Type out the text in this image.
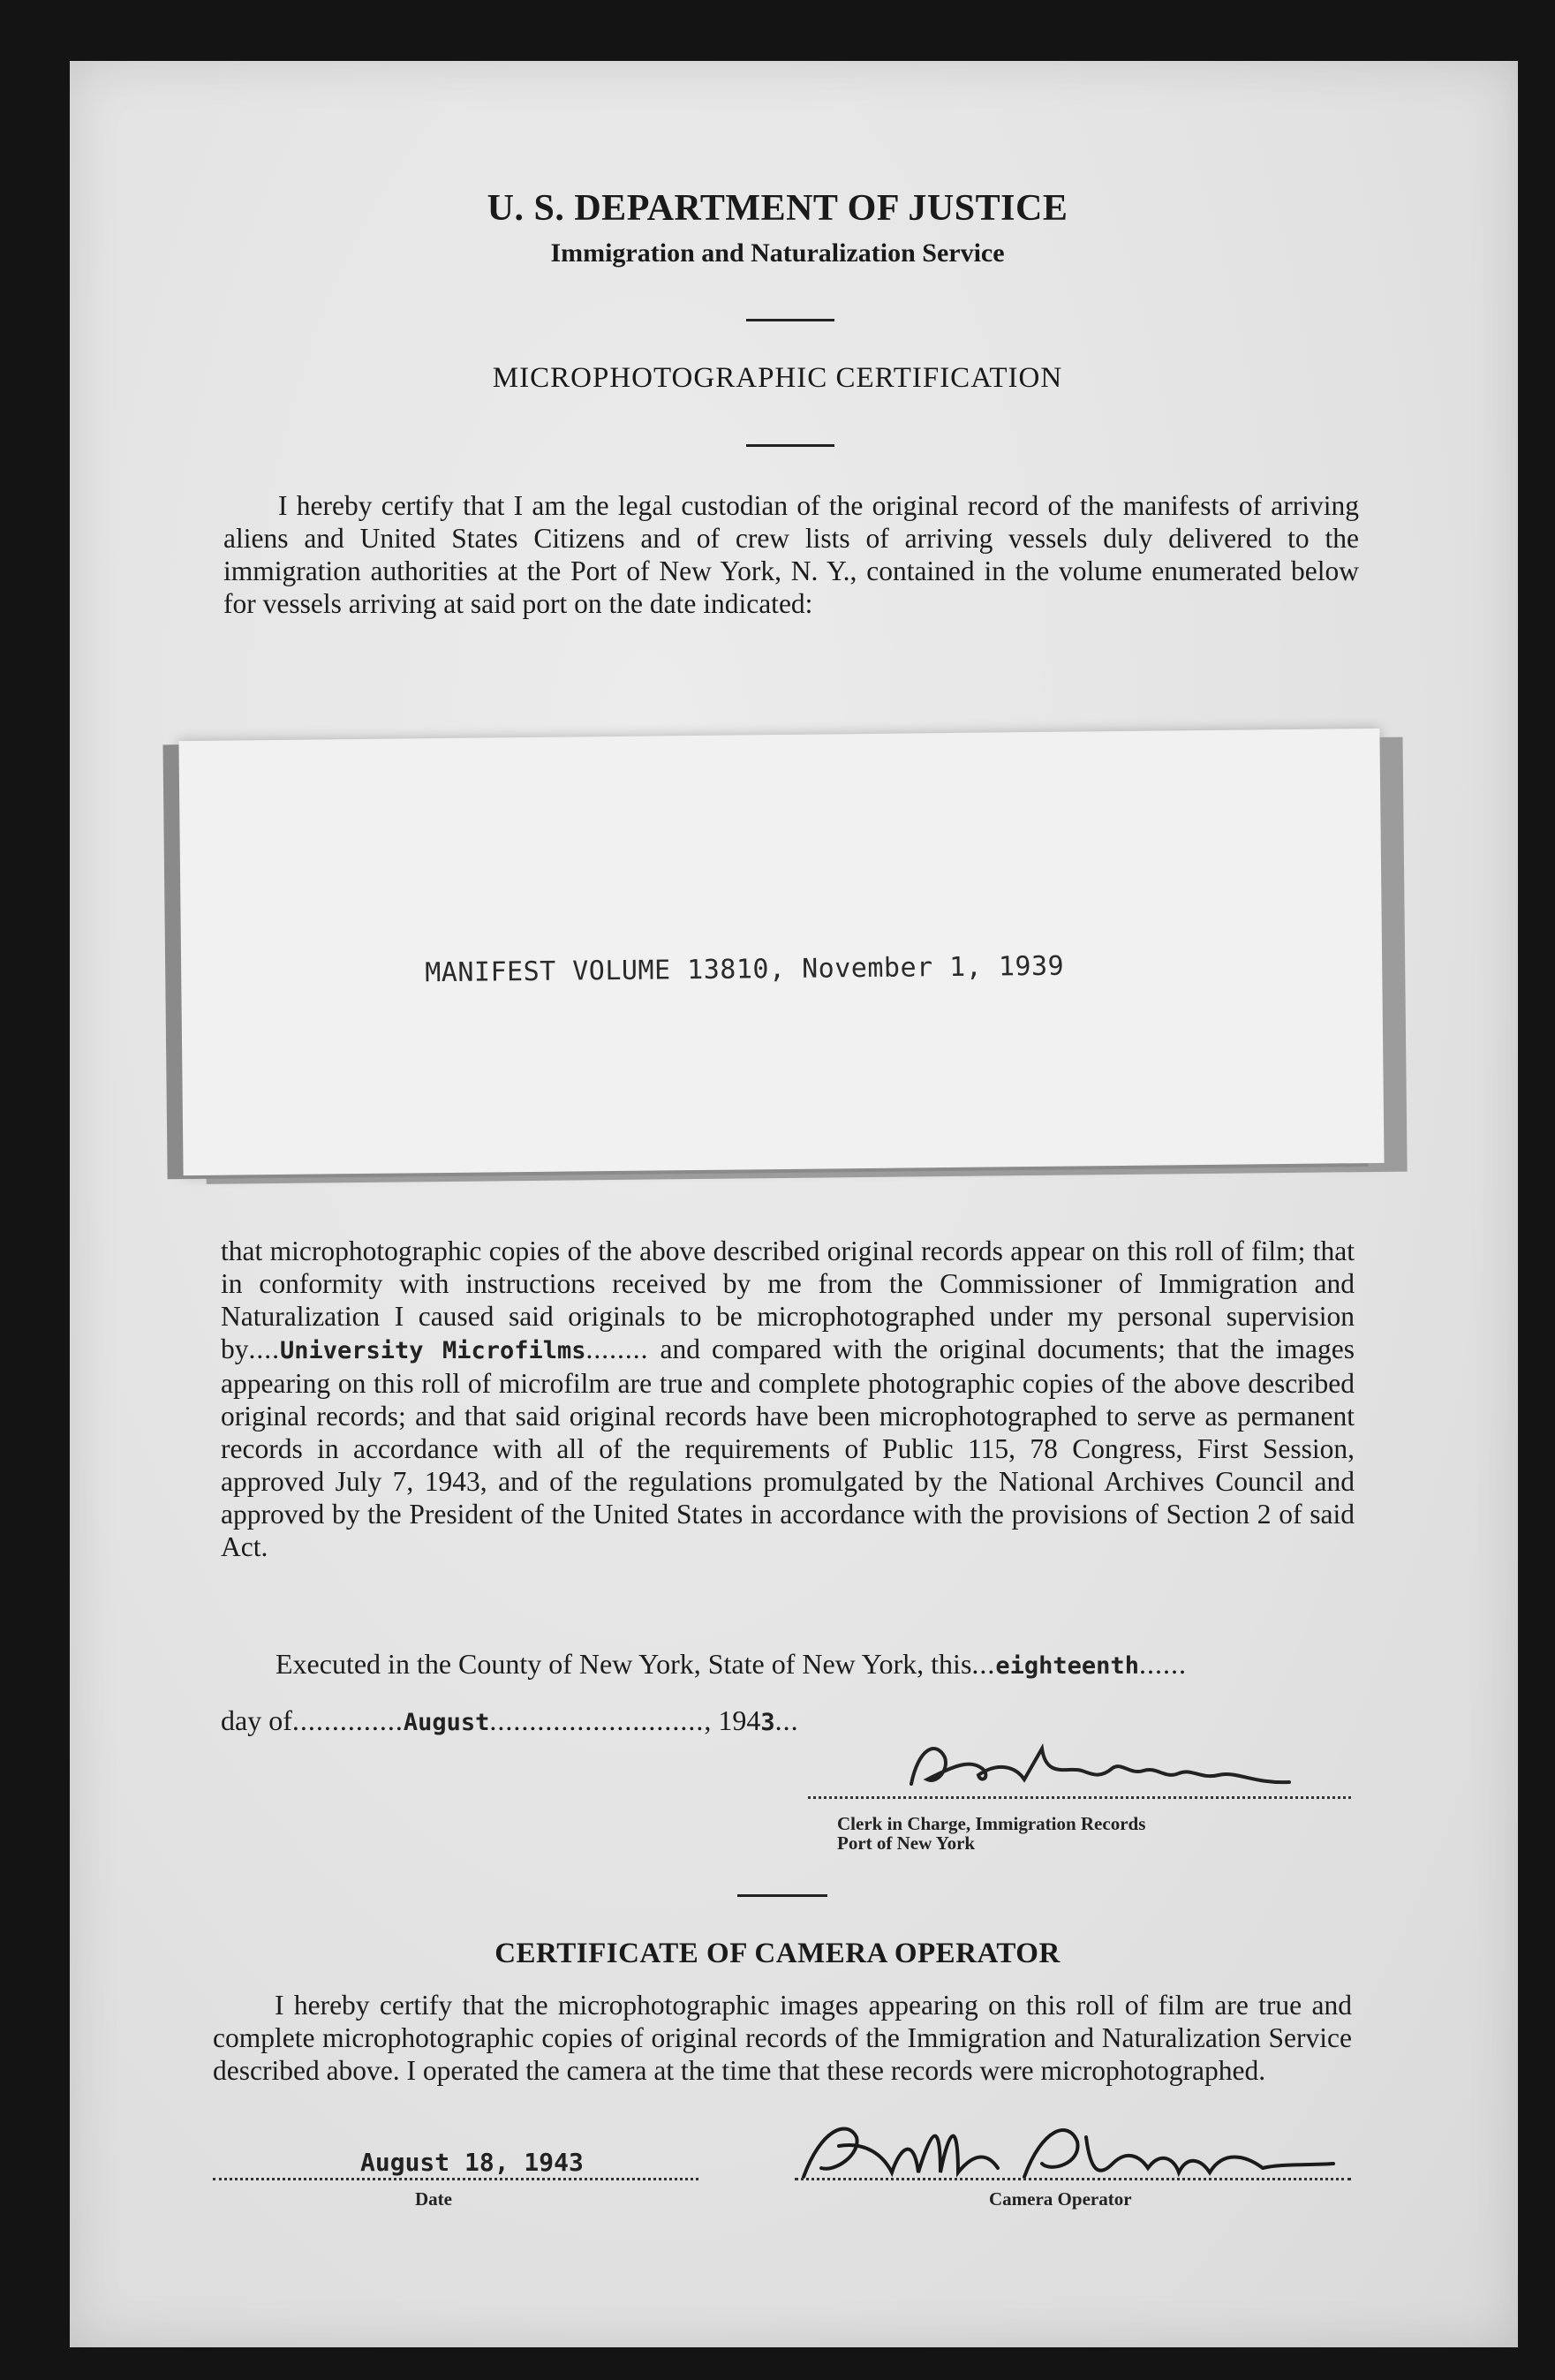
U. S. DEPARTMENT OF JUSTICE
Immigration and Naturalization Service
MICROPHOTOGRAPHIC CERTIFICATION
I hereby certify that I am the legal custodian of the original record of the manifests of arriving aliens and United States Citizens and of crew lists of arriving vessels duly delivered to the immigration authorities at the Port of New York, N. Y., contained in the volume enumerated below for vessels arriving at said port on the date indicated:
MANIFEST VOLUME 13810, November 1, 1939
that microphotographic copies of the above described original records appear on this roll of film; that in conformity with instructions received by me from the Commissioner of Immigration and Naturalization I caused said originals to be microphotographed under my personal supervision by....University Microfilms........ and compared with the original documents; that the images appearing on this roll of microfilm are true and complete photographic copies of the above described original records; and that said original records have been microphotographed to serve as permanent records in accordance with all of the requirements of Public 115, 78 Congress, First Session, approved July 7, 1943, and of the regulations promulgated by the National Archives Council and approved by the President of the United States in accordance with the provisions of Section 2 of said Act.
Executed in the County of New York, State of New York, this...eighteenth......
day of..............August..........................., 1943...
Clerk in Charge, Immigration Records
Port of New York
CERTIFICATE OF CAMERA OPERATOR
I hereby certify that the microphotographic images appearing on this roll of film are true and complete microphotographic copies of original records of the Immigration and Naturalization Service described above. I operated the camera at the time that these records were microphotographed.
August 18, 1943
Date	Camera Operator
